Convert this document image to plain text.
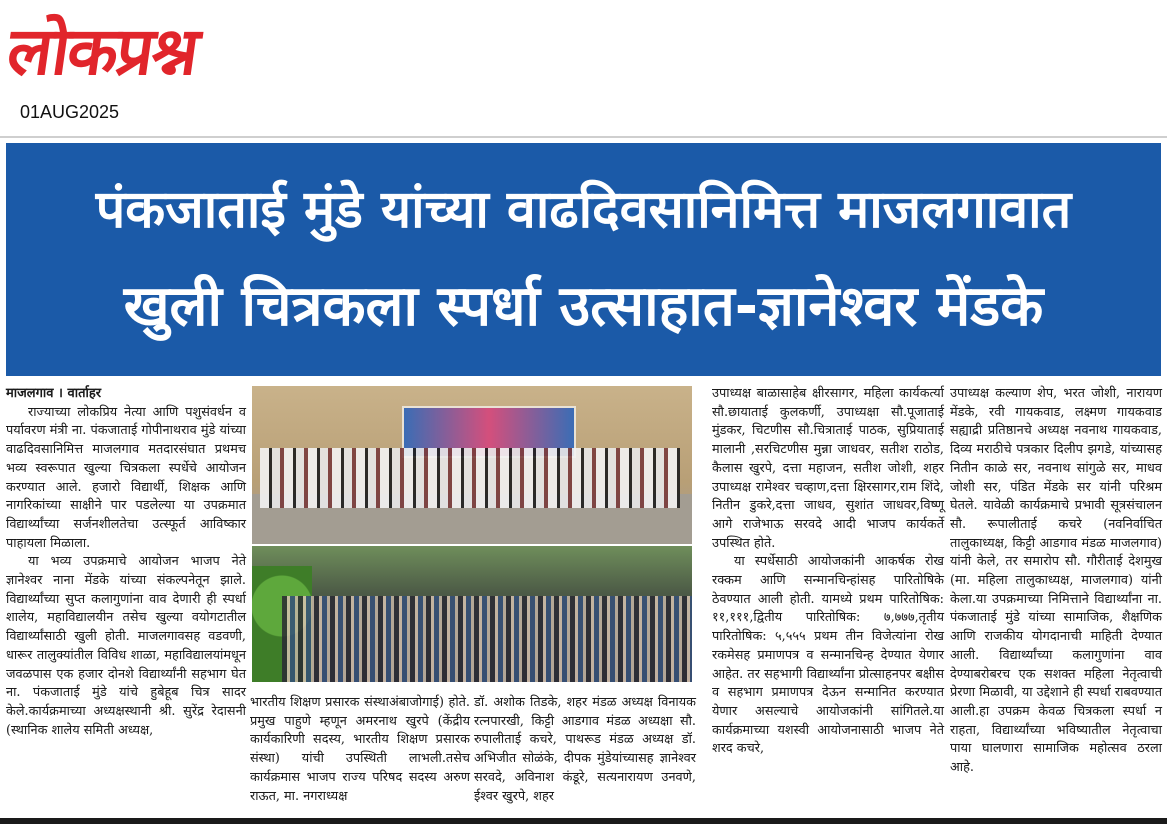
लोकप्रश्न
01AUG2025
पंकजाताई मुंडे यांच्या वाढदिवसानिमित्त माजलगावात
खुली चित्रकला स्पर्धा उत्साहात-ज्ञानेश्वर मेंडके

माजलगाव । वार्ताहर

राज्याच्या लोकप्रिय नेत्या आणि पशुसंवर्धन व पर्यावरण मंत्री ना. पंकजाताई गोपीनाथराव मुंडे यांच्या वाढदिवसानिमित्त माजलगाव मतदारसंघात प्रथमच भव्य स्वरूपात खुल्या चित्रकला स्पर्धेचे आयोजन करण्यात आले. हजारो विद्यार्थी, शिक्षक आणि नागरिकांच्या साक्षीने पार पडलेल्या या उपक्रमात विद्यार्थ्यांच्या सर्जनशीलतेचा उत्स्फूर्त आविष्कार पाहायला मिळाला.

या भव्य उपक्रमाचे आयोजन भाजप नेते ज्ञानेश्वर नाना मेंडके यांच्या संकल्पनेतून झाले. विद्यार्थ्यांच्या सुप्त कलागुणांना वाव देणारी ही स्पर्धा शालेय, महाविद्यालयीन तसेच खुल्या वयोगटातील विद्यार्थ्यांसाठी खुली होती. माजलगावसह वडवणी, धारूर तालुक्यांतील विविध शाळा, महाविद्यालयांमधून जवळपास एक हजार दोनशे विद्यार्थ्यांनी सहभाग घेत ना. पंकजाताई मुंडे यांचे हुबेहूब चित्र सादर केले.कार्यक्रमाच्या अध्यक्षस्थानी श्री. सुरेंद्र रेदासनी (स्थानिक शालेय समिती अध्यक्ष,

भारतीय शिक्षण प्रसारक संस्थाअंबाजोगाई) होते. प्रमुख पाहुणे म्हणून अमरनाथ खुरपे (केंद्रीय कार्यकारिणी सदस्य, भारतीय शिक्षण प्रसारक संस्था) यांची उपस्थिती लाभली.तसेच कार्यक्रमास भाजप राज्य परिषद सदस्य अरुण राऊत, मा. नगराध्यक्ष

डॉ. अशोक तिडके, शहर मंडळ अध्यक्ष विनायक रत्नपारखी, किट्टी आडगाव मंडळ अध्यक्षा सौ. रुपालीताई कचरे, पाथरूड मंडळ अध्यक्ष डॉ. अभिजीत सोळंके, दीपक मुंडेयांच्यासह ज्ञानेश्वर सरवदे, अविनाश कंडूरे, सत्यनारायण उनवणे, ईश्वर खुरपे, शहर

उपाध्यक्ष बाळासाहेब क्षीरसागर, महिला कार्यकर्त्या सौ.छायाताई कुलकर्णी, उपाध्यक्षा सौ.पूजाताई मुंडकर, चिटणीस सौ.चित्राताई पाठक, सुप्रियाताई मालानी ,सरचिटणीस मुन्ना जाधवर, सतीश राठोड, कैलास खुरपे, दत्ता महाजन, सतीश जोशी, शहर उपाध्यक्ष रामेश्वर चव्हाण,दत्ता क्षिरसागर,राम शिंदे, नितीन डुकरे,दत्ता जाधव, सुशांत जाधवर,विष्णू आगे राजेभाऊ सरवदे आदी भाजप कार्यकर्ते उपस्थित होते.

या स्पर्धेसाठी आयोजकांनी आकर्षक रोख रक्कम आणि सन्मानचिन्हांसह पारितोषिके ठेवण्यात आली होती. यामध्ये प्रथम पारितोषिक: ११,१११,द्वितीय पारितोषिक: ७,७७७,तृतीय पारितोषिक: ५,५५५ प्रथम तीन विजेत्यांना रोख रकमेसह प्रमाणपत्र व सन्मानचिन्ह देण्यात येणार आहेत. तर सहभागी विद्यार्थ्यांना प्रोत्साहनपर बक्षीस व सहभाग प्रमाणपत्र देऊन सन्मानित करण्यात येणार असल्याचे आयोजकांनी सांगितले.या कार्यक्रमाच्या यशस्वी आयोजनासाठी भाजप नेते शरद कचरे,

उपाध्यक्ष कल्याण शेप, भरत जोशी, नारायण मेंडके, रवी गायकवाड, लक्ष्मण गायकवाड सह्याद्री प्रतिष्ठानचे अध्यक्ष नवनाथ गायकवाड, दिव्य मराठीचे पत्रकार दिलीप झगडे, यांच्यासह नितीन काळे सर, नवनाथ सांगुळे सर, माधव जोशी सर, पंडित मेंडके सर यांनी परिश्रम घेतले. यावेळी कार्यक्रमाचे प्रभावी सूत्रसंचालन सौ. रूपालीताई कचरे (नवनिर्वाचित तालुकाध्यक्ष, किट्टी आडगाव मंडळ माजलगाव) यांनी केले, तर समारोप सौ. गौरीताई देशमुख (मा. महिला तालुकाध्यक्ष, माजलगाव) यांनी केला.या उपक्रमाच्या निमित्ताने विद्यार्थ्यांना ना. पंकजाताई मुंडे यांच्या सामाजिक, शैक्षणिक आणि राजकीय योगदानाची माहिती देण्यात आली. विद्यार्थ्यांच्या कलागुणांना वाव देण्याबरोबरच एक सशक्त महिला नेतृत्वाची प्रेरणा मिळावी, या उद्देशाने ही स्पर्धा राबवण्यात आली.हा उपक्रम केवळ चित्रकला स्पर्धा न राहता, विद्यार्थ्यांच्या भविष्यातील नेतृत्वाचा पाया घालणारा सामाजिक महोत्सव ठरला आहे.
